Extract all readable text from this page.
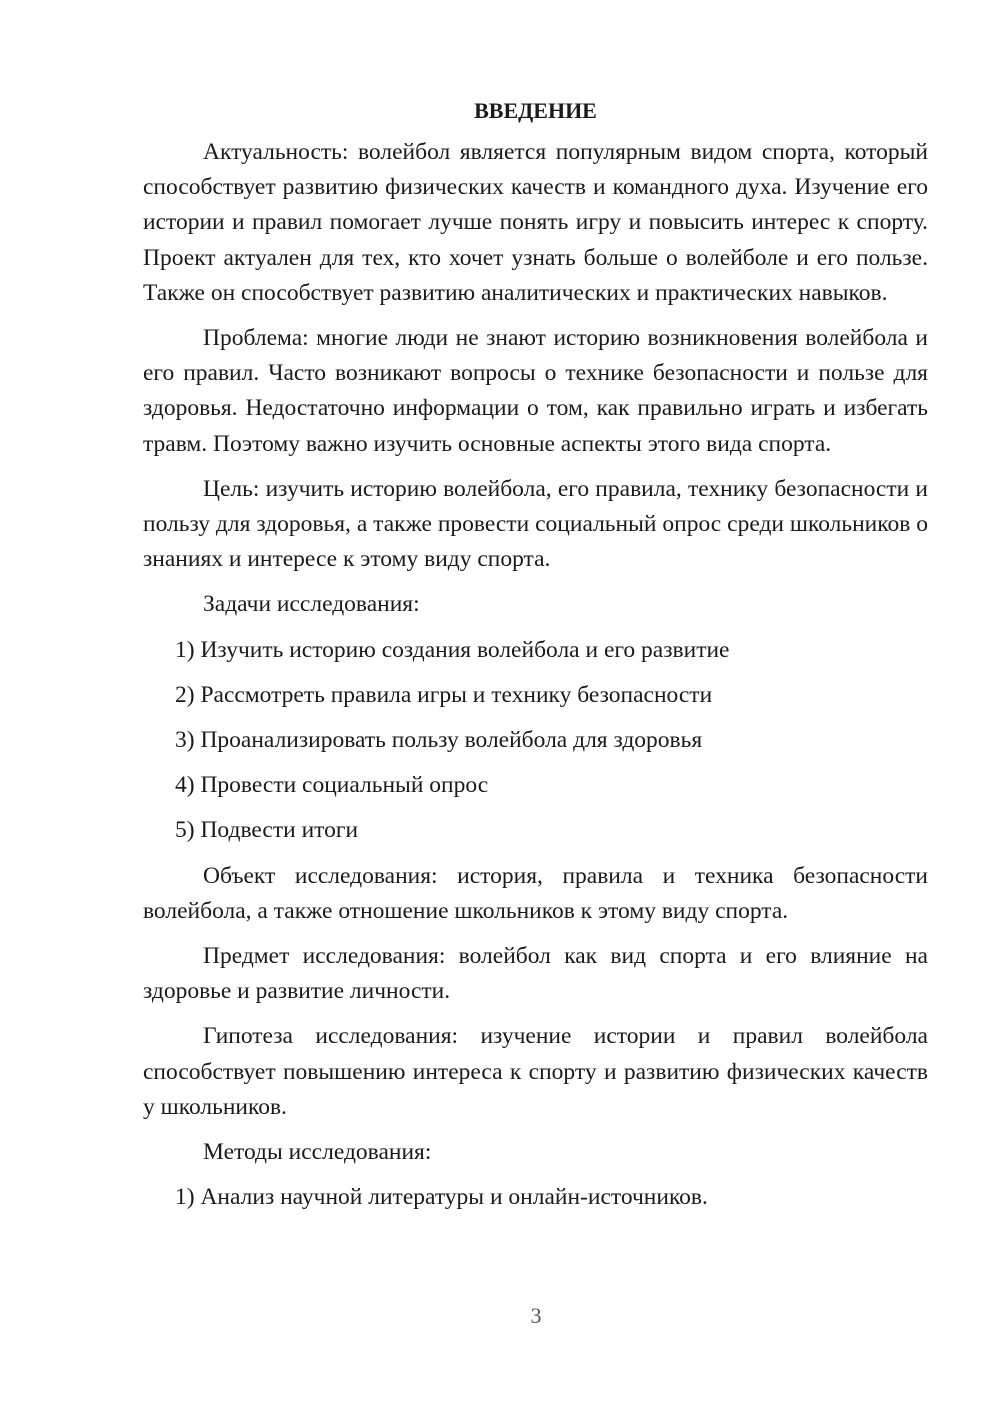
ВВЕДЕНИЕ

Актуальность: волейбол является популярным видом спорта, который способствует развитию физических качеств и командного духа. Изучение его истории и правил помогает лучше понять игру и повысить интерес к спорту. Проект актуален для тех, кто хочет узнать больше о волейболе и его пользе. Также он способствует развитию аналитических и практических навыков.

Проблема: многие люди не знают историю возникновения волейбола и его правил. Часто возникают вопросы о технике безопасности и пользе для здоровья. Недостаточно информации о том, как правильно играть и избегать травм. Поэтому важно изучить основные аспекты этого вида спорта.

Цель: изучить историю волейбола, его правила, технику безопасности и пользу для здоровья, а также провести социальный опрос среди школьников о знаниях и интересе к этому виду спорта.

Задачи исследования:

1) Изучить историю создания волейбола и его развитие
2) Рассмотреть правила игры и технику безопасности
3) Проанализировать пользу волейбола для здоровья
4) Провести социальный опрос
5) Подвести итоги

Объект исследования: история, правила и техника безопасности волейбола, а также отношение школьников к этому виду спорта.

Предмет исследования: волейбол как вид спорта и его влияние на здоровье и развитие личности.

Гипотеза исследования: изучение истории и правил волейбола способствует повышению интереса к спорту и развитию физических качеств у школьников.

Методы исследования:

1) Анализ научной литературы и онлайн-источников.
3
